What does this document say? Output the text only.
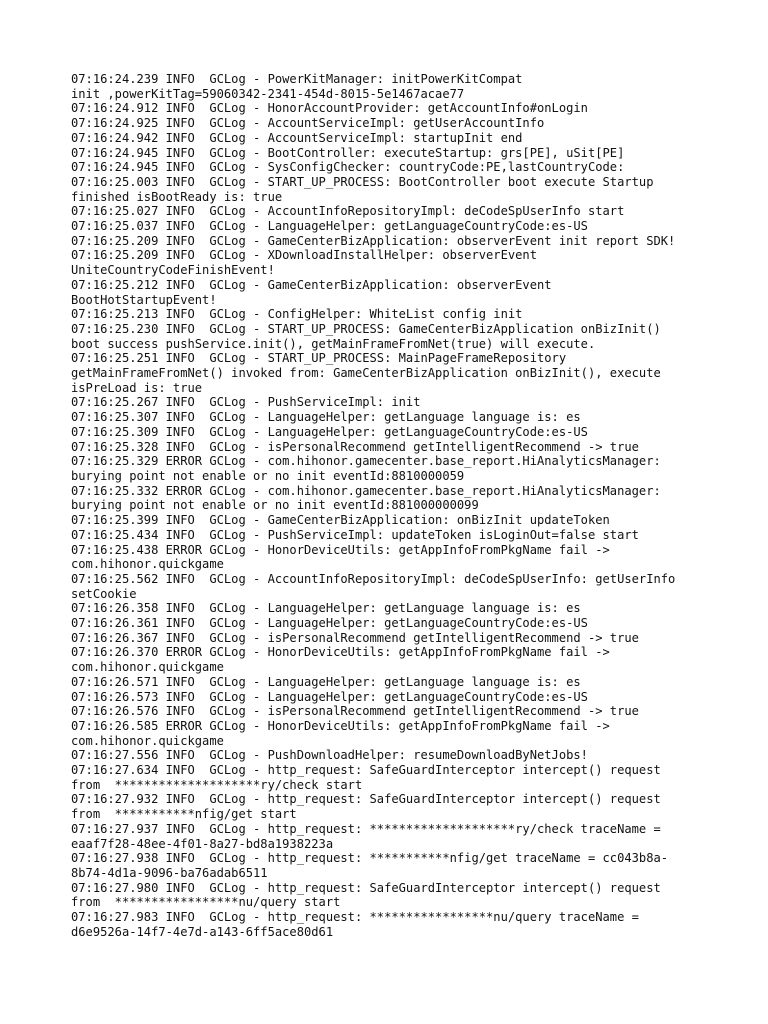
07:16:24.239 INFO  GCLog - PowerKitManager: initPowerKitCompat
init ,powerKitTag=59060342-2341-454d-8015-5e1467acae77
07:16:24.912 INFO  GCLog - HonorAccountProvider: getAccountInfo#onLogin
07:16:24.925 INFO  GCLog - AccountServiceImpl: getUserAccountInfo
07:16:24.942 INFO  GCLog - AccountServiceImpl: startupInit end
07:16:24.945 INFO  GCLog - BootController: executeStartup: grs[PE], uSit[PE]
07:16:24.945 INFO  GCLog - SysConfigChecker: countryCode:PE,lastCountryCode:
07:16:25.003 INFO  GCLog - START_UP_PROCESS: BootController boot execute Startup
finished isBootReady is: true
07:16:25.027 INFO  GCLog - AccountInfoRepositoryImpl: deCodeSpUserInfo start
07:16:25.037 INFO  GCLog - LanguageHelper: getLanguageCountryCode:es-US
07:16:25.209 INFO  GCLog - GameCenterBizApplication: observerEvent init report SDK!
07:16:25.209 INFO  GCLog - XDownloadInstallHelper: observerEvent
UniteCountryCodeFinishEvent!
07:16:25.212 INFO  GCLog - GameCenterBizApplication: observerEvent
BootHotStartupEvent!
07:16:25.213 INFO  GCLog - ConfigHelper: WhiteList config init
07:16:25.230 INFO  GCLog - START_UP_PROCESS: GameCenterBizApplication onBizInit()
boot success pushService.init(), getMainFrameFromNet(true) will execute.
07:16:25.251 INFO  GCLog - START_UP_PROCESS: MainPageFrameRepository
getMainFrameFromNet() invoked from: GameCenterBizApplication onBizInit(), execute
isPreLoad is: true
07:16:25.267 INFO  GCLog - PushServiceImpl: init
07:16:25.307 INFO  GCLog - LanguageHelper: getLanguage language is: es
07:16:25.309 INFO  GCLog - LanguageHelper: getLanguageCountryCode:es-US
07:16:25.328 INFO  GCLog - isPersonalRecommend getIntelligentRecommend -> true
07:16:25.329 ERROR GCLog - com.hihonor.gamecenter.base_report.HiAnalyticsManager:
burying point not enable or no init eventId:8810000059
07:16:25.332 ERROR GCLog - com.hihonor.gamecenter.base_report.HiAnalyticsManager:
burying point not enable or no init eventId:881000000099
07:16:25.399 INFO  GCLog - GameCenterBizApplication: onBizInit updateToken
07:16:25.434 INFO  GCLog - PushServiceImpl: updateToken isLoginOut=false start
07:16:25.438 ERROR GCLog - HonorDeviceUtils: getAppInfoFromPkgName fail ->
com.hihonor.quickgame
07:16:25.562 INFO  GCLog - AccountInfoRepositoryImpl: deCodeSpUserInfo: getUserInfo
setCookie
07:16:26.358 INFO  GCLog - LanguageHelper: getLanguage language is: es
07:16:26.361 INFO  GCLog - LanguageHelper: getLanguageCountryCode:es-US
07:16:26.367 INFO  GCLog - isPersonalRecommend getIntelligentRecommend -> true
07:16:26.370 ERROR GCLog - HonorDeviceUtils: getAppInfoFromPkgName fail ->
com.hihonor.quickgame
07:16:26.571 INFO  GCLog - LanguageHelper: getLanguage language is: es
07:16:26.573 INFO  GCLog - LanguageHelper: getLanguageCountryCode:es-US
07:16:26.576 INFO  GCLog - isPersonalRecommend getIntelligentRecommend -> true
07:16:26.585 ERROR GCLog - HonorDeviceUtils: getAppInfoFromPkgName fail ->
com.hihonor.quickgame
07:16:27.556 INFO  GCLog - PushDownloadHelper: resumeDownloadByNetJobs!
07:16:27.634 INFO  GCLog - http_request: SafeGuardInterceptor intercept() request
from  ********************ry/check start
07:16:27.932 INFO  GCLog - http_request: SafeGuardInterceptor intercept() request
from  ***********nfig/get start
07:16:27.937 INFO  GCLog - http_request: ********************ry/check traceName =
eaaf7f28-48ee-4f01-8a27-bd8a1938223a
07:16:27.938 INFO  GCLog - http_request: ***********nfig/get traceName = cc043b8a-
8b74-4d1a-9096-ba76adab6511
07:16:27.980 INFO  GCLog - http_request: SafeGuardInterceptor intercept() request
from  *****************nu/query start
07:16:27.983 INFO  GCLog - http_request: *****************nu/query traceName =
d6e9526a-14f7-4e7d-a143-6ff5ace80d61
